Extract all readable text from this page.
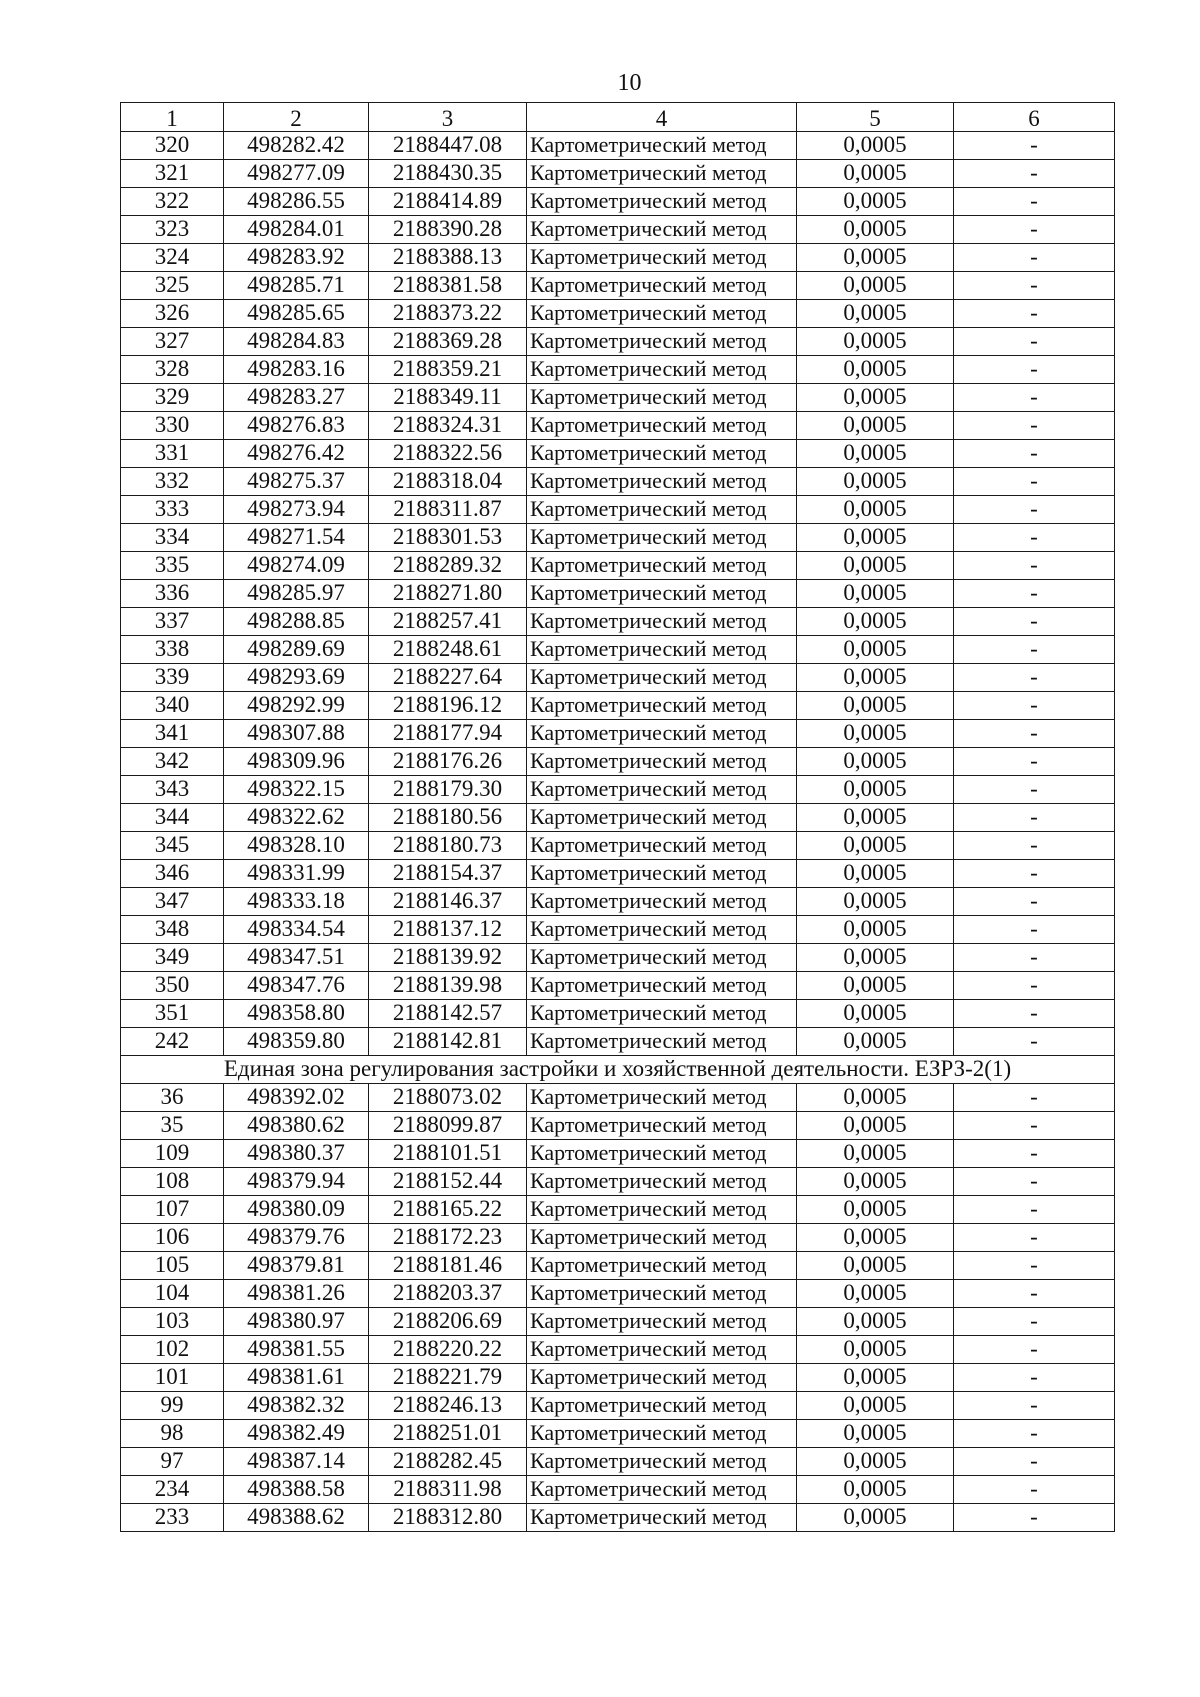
10
1	2	3	4	5	6
320	498282.42	2188447.08	Картометрический метод	0,0005	-
321	498277.09	2188430.35	Картометрический метод	0,0005	-
322	498286.55	2188414.89	Картометрический метод	0,0005	-
323	498284.01	2188390.28	Картометрический метод	0,0005	-
324	498283.92	2188388.13	Картометрический метод	0,0005	-
325	498285.71	2188381.58	Картометрический метод	0,0005	-
326	498285.65	2188373.22	Картометрический метод	0,0005	-
327	498284.83	2188369.28	Картометрический метод	0,0005	-
328	498283.16	2188359.21	Картометрический метод	0,0005	-
329	498283.27	2188349.11	Картометрический метод	0,0005	-
330	498276.83	2188324.31	Картометрический метод	0,0005	-
331	498276.42	2188322.56	Картометрический метод	0,0005	-
332	498275.37	2188318.04	Картометрический метод	0,0005	-
333	498273.94	2188311.87	Картометрический метод	0,0005	-
334	498271.54	2188301.53	Картометрический метод	0,0005	-
335	498274.09	2188289.32	Картометрический метод	0,0005	-
336	498285.97	2188271.80	Картометрический метод	0,0005	-
337	498288.85	2188257.41	Картометрический метод	0,0005	-
338	498289.69	2188248.61	Картометрический метод	0,0005	-
339	498293.69	2188227.64	Картометрический метод	0,0005	-
340	498292.99	2188196.12	Картометрический метод	0,0005	-
341	498307.88	2188177.94	Картометрический метод	0,0005	-
342	498309.96	2188176.26	Картометрический метод	0,0005	-
343	498322.15	2188179.30	Картометрический метод	0,0005	-
344	498322.62	2188180.56	Картометрический метод	0,0005	-
345	498328.10	2188180.73	Картометрический метод	0,0005	-
346	498331.99	2188154.37	Картометрический метод	0,0005	-
347	498333.18	2188146.37	Картометрический метод	0,0005	-
348	498334.54	2188137.12	Картометрический метод	0,0005	-
349	498347.51	2188139.92	Картометрический метод	0,0005	-
350	498347.76	2188139.98	Картометрический метод	0,0005	-
351	498358.80	2188142.57	Картометрический метод	0,0005	-
242	498359.80	2188142.81	Картометрический метод	0,0005	-
Единая зона регулирования застройки и хозяйственной деятельности. ЕЗРЗ-2(1)					
36	498392.02	2188073.02	Картометрический метод	0,0005	-
35	498380.62	2188099.87	Картометрический метод	0,0005	-
109	498380.37	2188101.51	Картометрический метод	0,0005	-
108	498379.94	2188152.44	Картометрический метод	0,0005	-
107	498380.09	2188165.22	Картометрический метод	0,0005	-
106	498379.76	2188172.23	Картометрический метод	0,0005	-
105	498379.81	2188181.46	Картометрический метод	0,0005	-
104	498381.26	2188203.37	Картометрический метод	0,0005	-
103	498380.97	2188206.69	Картометрический метод	0,0005	-
102	498381.55	2188220.22	Картометрический метод	0,0005	-
101	498381.61	2188221.79	Картометрический метод	0,0005	-
99	498382.32	2188246.13	Картометрический метод	0,0005	-
98	498382.49	2188251.01	Картометрический метод	0,0005	-
97	498387.14	2188282.45	Картометрический метод	0,0005	-
234	498388.58	2188311.98	Картометрический метод	0,0005	-
233	498388.62	2188312.80	Картометрический метод	0,0005	-
